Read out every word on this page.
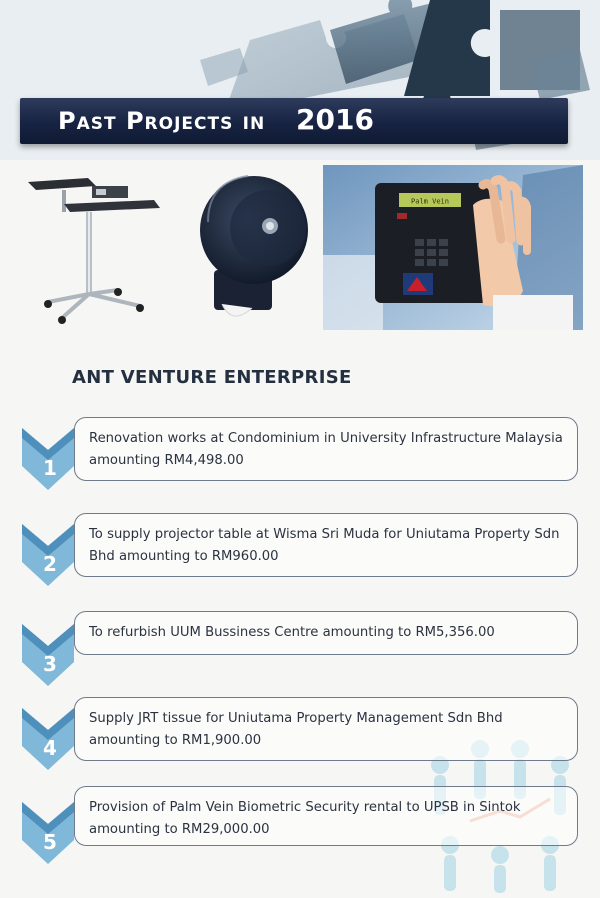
Past Projects in 2016
Palm Vein
ANT VENTURE ENTERPRISE
1
Renovation works at Condominium in University Infrastructure Malaysia amounting RM4,498.00
2
To supply projector table at Wisma Sri Muda for Uniutama Property Sdn Bhd amounting to RM960.00
3
To refurbish UUM Bussiness Centre amounting to RM5,356.00
4
Supply JRT tissue for Uniutama Property Management Sdn Bhd amounting to RM1,900.00
5
Provision of Palm Vein Biometric Security rental to UPSB in Sintok amounting to RM29,000.00
